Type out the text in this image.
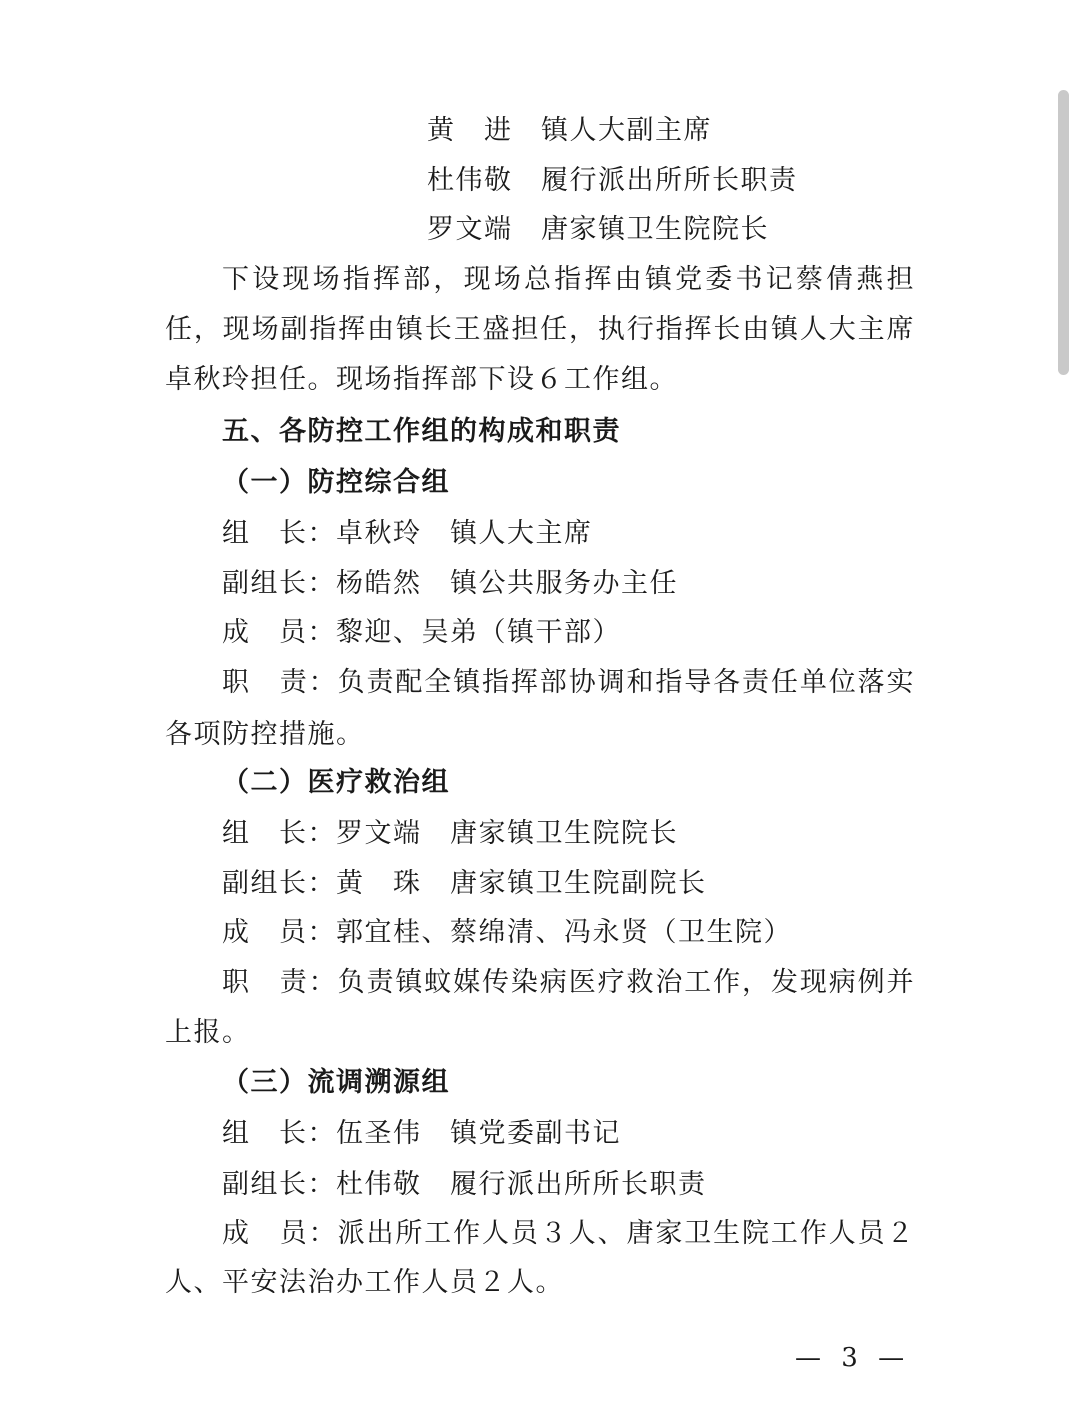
黄　进　镇人大副主席
杜伟敬　履行派出所所长职责
罗文端　唐家镇卫生院院长
下设现场指挥部，现场总指挥由镇党委书记蔡倩燕担
任，现场副指挥由镇长王盛担任，执行指挥长由镇人大主席
卓秋玲担任。现场指挥部下设６工作组。
五、各防控工作组的构成和职责
（一）防控综合组
组　长：卓秋玲　镇人大主席
副组长：杨皓然　镇公共服务办主任
成　员：黎迎、吴弟（镇干部）
职　责：负责配全镇指挥部协调和指导各责任单位落实
各项防控措施。
（二）医疗救治组
组　长：罗文端　唐家镇卫生院院长
副组长：黄　珠　唐家镇卫生院副院长
成　员：郭宜桂、蔡绵清、冯永贤（卫生院）
职　责：负责镇蚊媒传染病医疗救治工作，发现病例并
上报。
（三）流调溯源组
组　长：伍圣伟　镇党委副书记
副组长：杜伟敬　履行派出所所长职责
成　员：派出所工作人员３人、唐家卫生院工作人员２
人、平安法治办工作人员２人。
— 3 —
